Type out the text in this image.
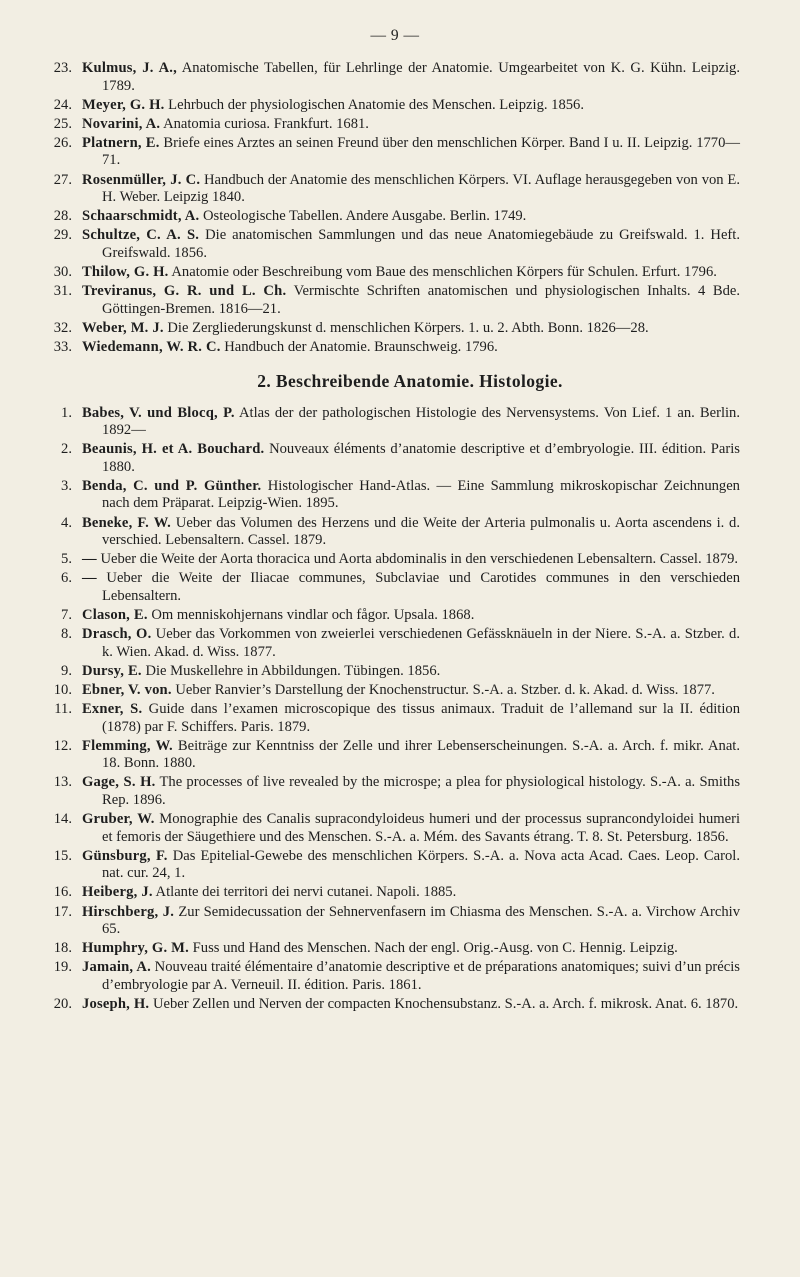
— 9 —
23. Kulmus, J. A., Anatomische Tabellen, für Lehrlinge der Anatomie. Umgearbeitet von K. G. Kühn. Leipzig. 1789.
24. Meyer, G. H. Lehrbuch der physiologischen Anatomie des Menschen. Leipzig. 1856.
25. Novarini, A. Anatomia curiosa. Frankfurt. 1681.
26. Platnern, E. Briefe eines Arztes an seinen Freund über den menschlichen Körper. Band I u. II. Leipzig. 1770—71.
27. Rosenmüller, J. C. Handbuch der Anatomie des menschlichen Körpers. VI. Auflage herausgegeben von von E. H. Weber. Leipzig 1840.
28. Schaarschmidt, A. Osteologische Tabellen. Andere Ausgabe. Berlin. 1749.
29. Schultze, C. A. S. Die anatomischen Sammlungen und das neue Anatomiegebäude zu Greifswald. 1. Heft. Greifswald. 1856.
30. Thilow, G. H. Anatomie oder Beschreibung vom Baue des menschlichen Körpers für Schulen. Erfurt. 1796.
31. Treviranus, G. R. und L. Ch. Vermischte Schriften anatomischen und physiologischen Inhalts. 4 Bde. Göttingen-Bremen. 1816—21.
32. Weber, M. J. Die Zergliederungskunst d. menschlichen Körpers. 1. u. 2. Abth. Bonn. 1826—28.
33. Wiedemann, W. R. C. Handbuch der Anatomie. Braunschweig. 1796.
2. Beschreibende Anatomie. Histologie.
1. Babes, V. und Blocq, P. Atlas der der pathologischen Histologie des Nervensystems. Von Lief. 1 an. Berlin. 1892—
2. Beaunis, H. et A. Bouchard. Nouveaux éléments d’anatomie descriptive et d’embryologie. III. édition. Paris 1880.
3. Benda, C. und P. Günther. Histologischer Hand-Atlas. — Eine Sammlung mikroskopischar Zeichnungen nach dem Präparat. Leipzig-Wien. 1895.
4. Beneke, F. W. Ueber das Volumen des Herzens und die Weite der Arteria pulmonalis u. Aorta ascendens i. d. verschied. Lebensaltern. Cassel. 1879.
5. — Ueber die Weite der Aorta thoracica und Aorta abdominalis in den verschiedenen Lebensaltern. Cassel. 1879.
6. — Ueber die Weite der Iliacae communes, Subclaviae und Carotides communes in den verschieden Lebensaltern.
7. Clason, E. Om menniskohjernans vindlar och fågor. Upsala. 1868.
8. Drasch, O. Ueber das Vorkommen von zweierlei verschiedenen Gefässknäueln in der Niere. S.-A. a. Stzber. d. k. Wien. Akad. d. Wiss. 1877.
9. Dursy, E. Die Muskellehre in Abbildungen. Tübingen. 1856.
10. Ebner, V. von. Ueber Ranvier’s Darstellung der Knochenstructur. S.-A. a. Stzber. d. k. Akad. d. Wiss. 1877.
11. Exner, S. Guide dans l’examen microscopique des tissus animaux. Traduit de l’allemand sur la II. édition (1878) par F. Schiffers. Paris. 1879.
12. Flemming, W. Beiträge zur Kenntniss der Zelle und ihrer Lebenserscheinungen. S.-A. a. Arch. f. mikr. Anat. 18. Bonn. 1880.
13. Gage, S. H. The processes of live revealed by the microspe; a plea for physiological histology. S.-A. a. Smiths Rep. 1896.
14. Gruber, W. Monographie des Canalis supracondyloideus humeri und der processus suprancondyloidei humeri et femoris der Säugethiere und des Menschen. S.-A. a. Mém. des Savants étrang. T. 8. St. Petersburg. 1856.
15. Günsburg, F. Das Epitelial-Gewebe des menschlichen Körpers. S.-A. a. Nova acta Acad. Caes. Leop. Carol. nat. cur. 24, 1.
16. Heiberg, J. Atlante dei territori dei nervi cutanei. Napoli. 1885.
17. Hirschberg, J. Zur Semidecussation der Sehnervenfasern im Chiasma des Menschen. S.-A. a. Virchow Archiv 65.
18. Humphry, G. M. Fuss und Hand des Menschen. Nach der engl. Orig.-Ausg. von C. Hennig. Leipzig.
19. Jamain, A. Nouveau traité élémentaire d’anatomie descriptive et de préparations anatomiques; suivi d’un précis d’embryologie par A. Verneuil. II. édition. Paris. 1861.
20. Joseph, H. Ueber Zellen und Nerven der compacten Knochensubstanz. S.-A. a. Arch. f. mikrosk. Anat. 6. 1870.
